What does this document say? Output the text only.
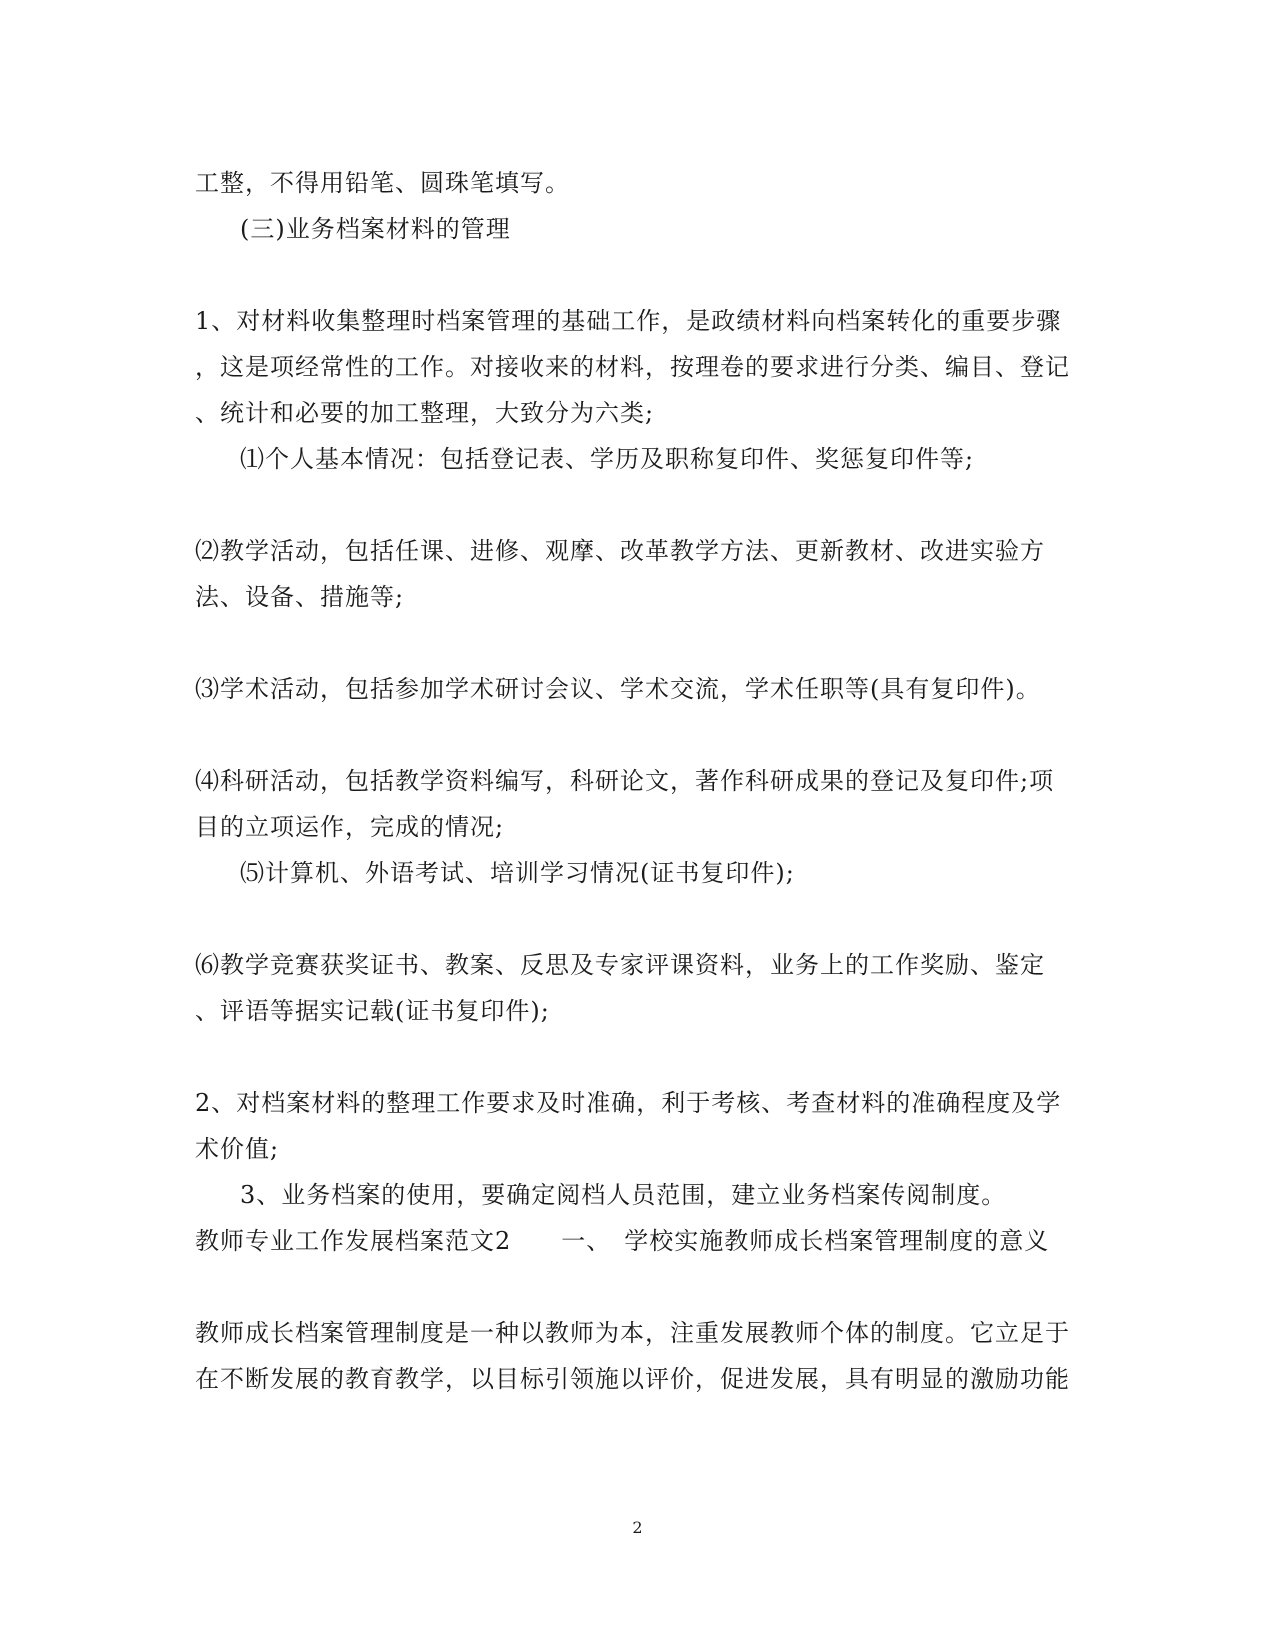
工整，不得用铅笔、圆珠笔填写。
(三)业务档案材料的管理
1、对材料收集整理时档案管理的基础工作，是政绩材料向档案转化的重要步骤
，这是项经常性的工作。对接收来的材料，按理卷的要求进行分类、编目、登记
、统计和必要的加工整理，大致分为六类;
⑴个人基本情况：包括登记表、学历及职称复印件、奖惩复印件等;
⑵教学活动，包括任课、进修、观摩、改革教学方法、更新教材、改进实验方
法、设备、措施等;
⑶学术活动，包括参加学术研讨会议、学术交流，学术任职等(具有复印件)。
⑷科研活动，包括教学资料编写，科研论文，著作科研成果的登记及复印件;项
目的立项运作，完成的情况;
⑸计算机、外语考试、培训学习情况(证书复印件);
⑹教学竞赛获奖证书、教案、反思及专家评课资料，业务上的工作奖励、鉴定
、评语等据实记载(证书复印件);
2、对档案材料的整理工作要求及时准确，利于考核、考查材料的准确程度及学
术价值;
3、业务档案的使用，要确定阅档人员范围，建立业务档案传阅制度。
教师专业工作发展档案范文2　　一、　学校实施教师成长档案管理制度的意义
教师成长档案管理制度是一种以教师为本，注重发展教师个体的制度。它立足于
在不断发展的教育教学，以目标引领施以评价，促进发展，具有明显的激励功能
2
